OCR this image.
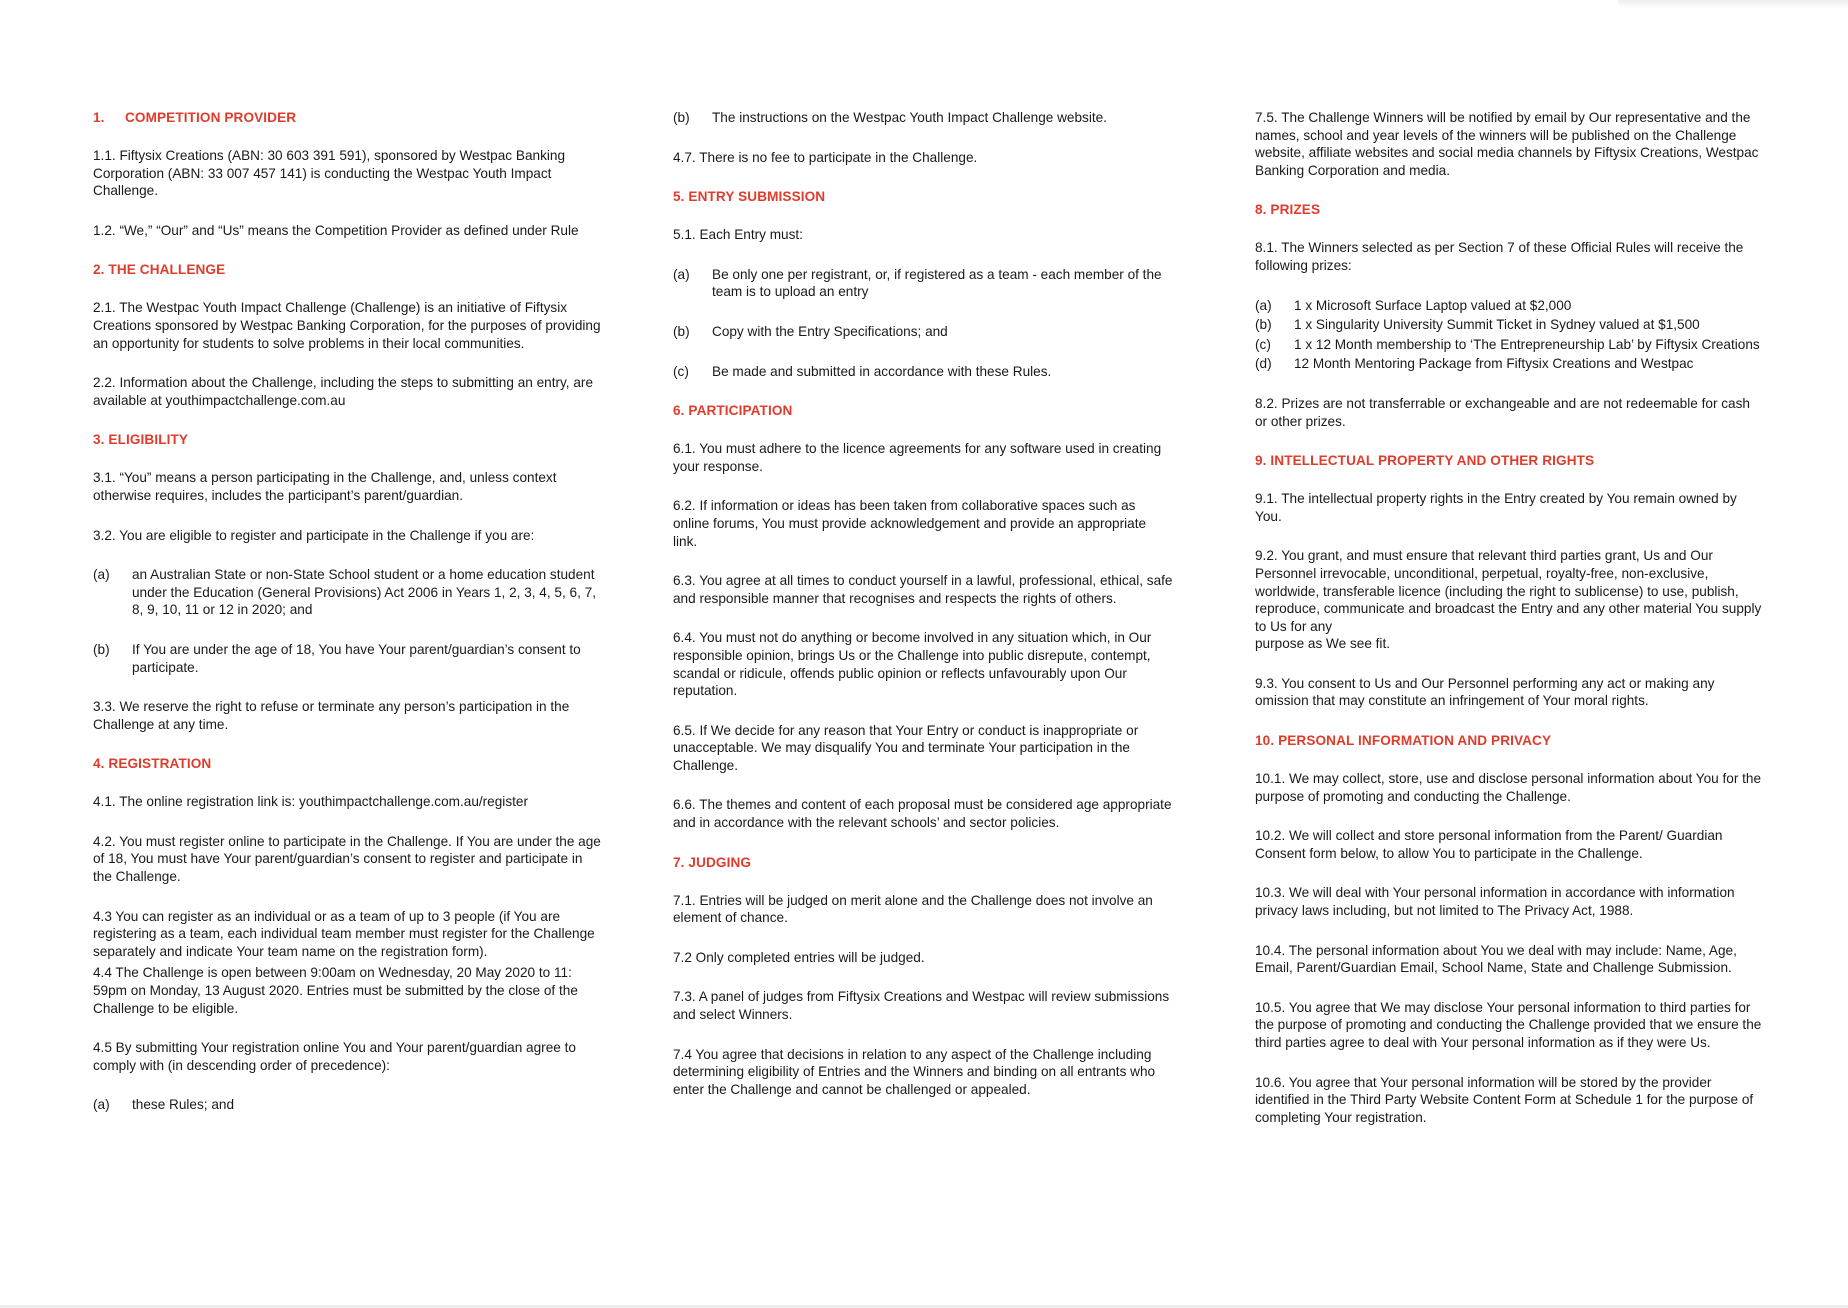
1. COMPETITION PROVIDER
1.1. Fiftysix Creations (ABN: 30 603 391 591), sponsored by Westpac Banking Corporation (ABN: 33 007 457 141) is conducting the Westpac Youth Impact Challenge.
1.2. “We,” “Our” and “Us” means the Competition Provider as defined under Rule
2. THE CHALLENGE
2.1. The Westpac Youth Impact Challenge (Challenge) is an initiative of Fiftysix Creations sponsored by Westpac Banking Corporation, for the purposes of providing an opportunity for students to solve problems in their local communities.
2.2. Information about the Challenge, including the steps to submitting an entry, are available at youthimpactchallenge.com.au
3. ELIGIBILITY
3.1. “You” means a person participating in the Challenge, and, unless context otherwise requires, includes the participant’s parent/guardian.
3.2. You are eligible to register and participate in the Challenge if you are:
(a)	an Australian State or non-State School student or a home education student under the Education (General Provisions) Act 2006 in Years 1, 2, 3, 4, 5, 6, 7, 8, 9, 10, 11 or 12 in 2020; and
(b)	If You are under the age of 18, You have Your parent/guardian’s consent to participate.
3.3. We reserve the right to refuse or terminate any person’s participation in the Challenge at any time.
4. REGISTRATION
4.1. The online registration link is: youthimpactchallenge.com.au/register
4.2. You must register online to participate in the Challenge. If You are under the age of 18, You must have Your parent/guardian’s consent to register and participate in the Challenge.
4.3 You can register as an individual or as a team of up to 3 people (if You are registering as a team, each individual team member must register for the Challenge separately and indicate Your team name on the registration form).
4.4 The Challenge is open between 9:00am on Wednesday, 20 May 2020 to 11: 59pm on Monday, 13 August 2020. Entries must be submitted by the close of the Challenge to be eligible.
4.5 By submitting Your registration online You and Your parent/guardian agree to comply with (in descending order of precedence):
(a)	these Rules; and
(b)	The instructions on the Westpac Youth Impact Challenge website.
4.7. There is no fee to participate in the Challenge.
5. ENTRY SUBMISSION
5.1. Each Entry must:
(a)	Be only one per registrant, or, if registered as a team - each member of the team is to upload an entry
(b)	Copy with the Entry Specifications; and
(c)	Be made and submitted in accordance with these Rules.
6. PARTICIPATION
6.1. You must adhere to the licence agreements for any software used in creating your response.
6.2. If information or ideas has been taken from collaborative spaces such as online forums, You must provide acknowledgement and provide an appropriate link.
6.3. You agree at all times to conduct yourself in a lawful, professional, ethical, safe and responsible manner that recognises and respects the rights of others.
6.4. You must not do anything or become involved in any situation which, in Our responsible opinion, brings Us or the Challenge into public disrepute, contempt, scandal or ridicule, offends public opinion or reflects unfavourably upon Our reputation.
6.5. If We decide for any reason that Your Entry or conduct is inappropriate or unacceptable. We may disqualify You and terminate Your participation in the Challenge.
6.6. The themes and content of each proposal must be considered age appropriate and in accordance with the relevant schools’ and sector policies.
7. JUDGING
7.1. Entries will be judged on merit alone and the Challenge does not involve an element of chance.
7.2 Only completed entries will be judged.
7.3. A panel of judges from Fiftysix Creations and Westpac will review submissions and select Winners.
7.4 You agree that decisions in relation to any aspect of the Challenge including determining eligibility of Entries and the Winners and binding on all entrants who enter the Challenge and cannot be challenged or appealed.
7.5. The Challenge Winners will be notified by email by Our representative and the names, school and year levels of the winners will be published on the Challenge website, affiliate websites and social media channels by Fiftysix Creations, Westpac Banking Corporation and media.
8. PRIZES
8.1. The Winners selected as per Section 7 of these Official Rules will receive the following prizes:
(a)	1 x Microsoft Surface Laptop valued at $2,000
(b)	1 x Singularity University Summit Ticket in Sydney valued at $1,500
(c)	1 x 12 Month membership to ‘The Entrepreneurship Lab’ by Fiftysix Creations
(d)	12 Month Mentoring Package from Fiftysix Creations and Westpac
8.2. Prizes are not transferrable or exchangeable and are not redeemable for cash or other prizes.
9. INTELLECTUAL PROPERTY AND OTHER RIGHTS
9.1. The intellectual property rights in the Entry created by You remain owned by You.
9.2. You grant, and must ensure that relevant third parties grant, Us and Our Personnel irrevocable, unconditional, perpetual, royalty-free, non-exclusive, worldwide, transferable licence (including the right to sublicense) to use, publish, reproduce, communicate and broadcast the Entry and any other material You supply to Us for any
purpose as We see fit.
9.3. You consent to Us and Our Personnel performing any act or making any omission that may constitute an infringement of Your moral rights.
10. PERSONAL INFORMATION AND PRIVACY
10.1. We may collect, store, use and disclose personal information about You for the purpose of promoting and conducting the Challenge.
10.2. We will collect and store personal information from the Parent/ Guardian Consent form below, to allow You to participate in the Challenge.
10.3. We will deal with Your personal information in accordance with information privacy laws including, but not limited to The Privacy Act, 1988.
10.4. The personal information about You we deal with may include: Name, Age, Email, Parent/Guardian Email, School Name, State and Challenge Submission.
10.5. You agree that We may disclose Your personal information to third parties for the purpose of promoting and conducting the Challenge provided that we ensure the third parties agree to deal with Your personal information as if they were Us.
10.6. You agree that Your personal information will be stored by the provider identified in the Third Party Website Content Form at Schedule 1 for the purpose of completing Your registration.
